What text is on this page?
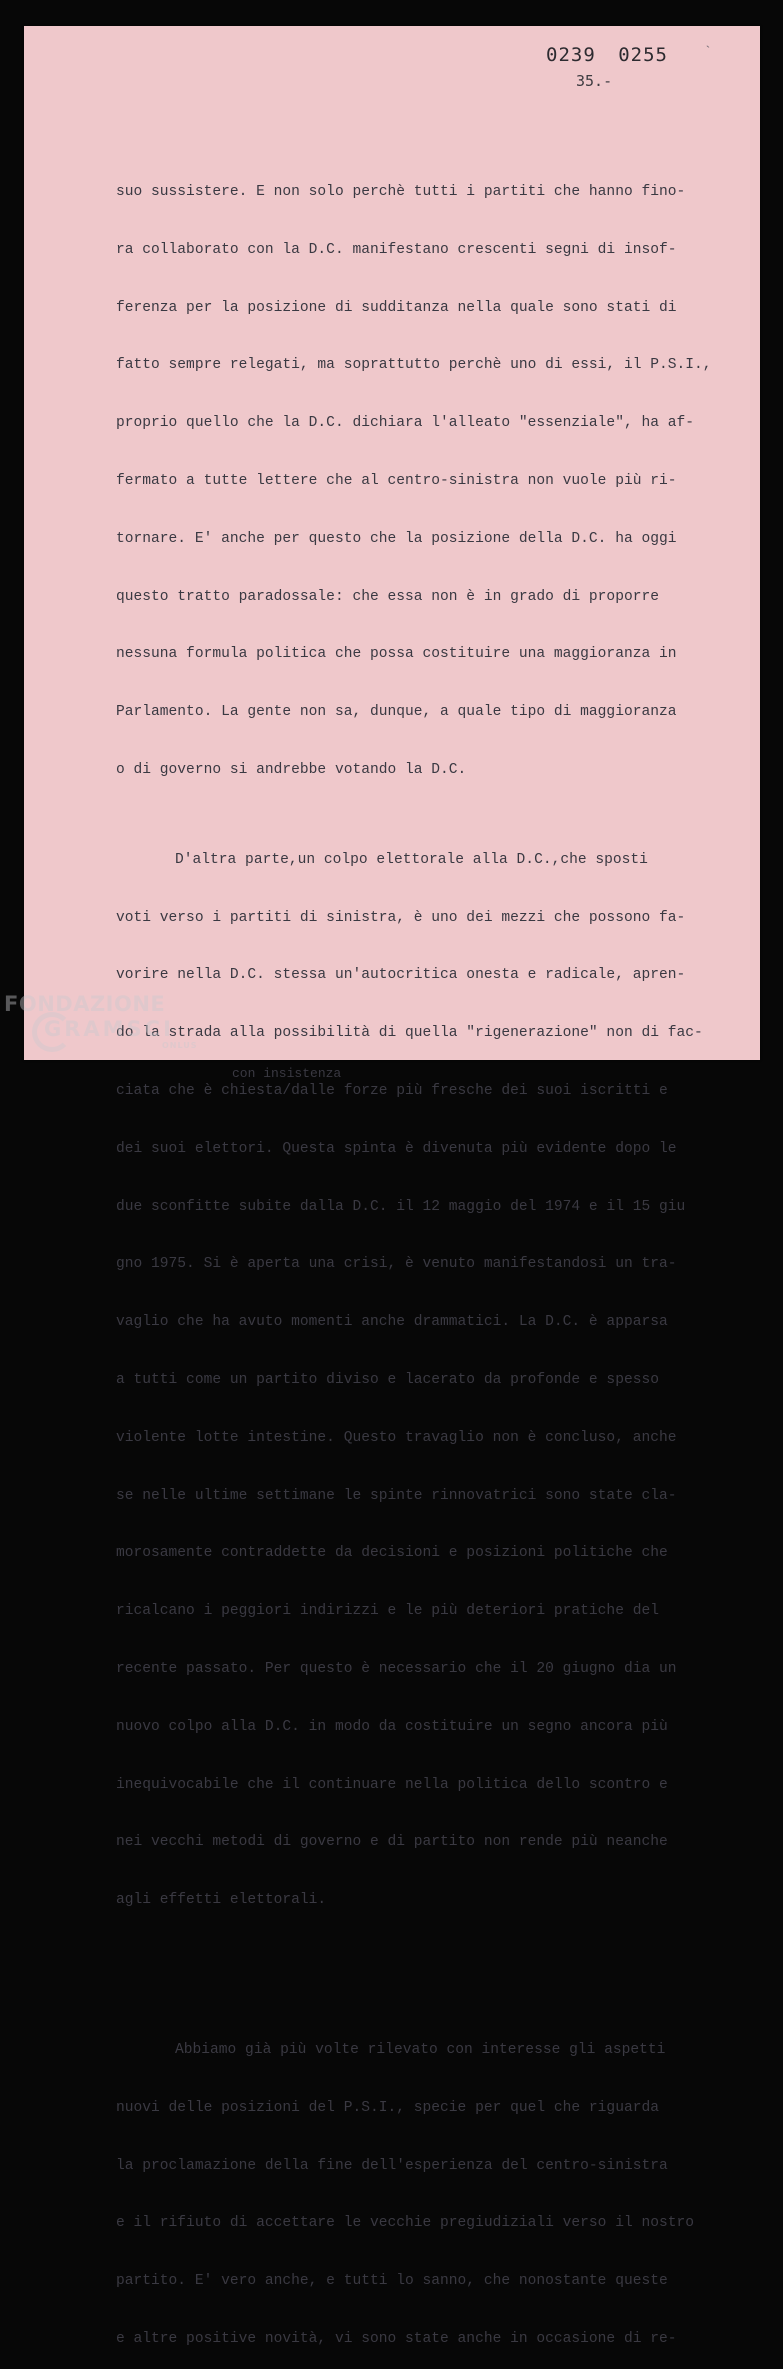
0239 0255	`
35.-

suo sussistere. E non solo perchè tutti i partiti che hanno fino-

ra collaborato con la D.C. manifestano crescenti segni di insof-

ferenza per la posizione di sudditanza nella quale sono stati di

fatto sempre relegati, ma soprattutto perchè uno di essi, il P.S.I.,

proprio quello che la D.C. dichiara l'alleato "essenziale", ha af-

fermato a tutte lettere che al centro-sinistra non vuole più ri-

tornare. E' anche per questo che la posizione della D.C. ha oggi

questo tratto paradossale: che essa non è in grado di proporre

nessuna formula politica che possa costituire una maggioranza in

Parlamento. La gente non sa, dunque, a quale tipo di maggioranza

o di governo si andrebbe votando la D.C.

D'altra parte,un colpo elettorale alla D.C.,che sposti

voti verso i partiti di sinistra, è uno dei mezzi che possono fa-

vorire nella D.C. stessa un'autocritica onesta e radicale, apren-

do la strada alla possibilità di quella "rigenerazione" non di fac-

con insistenza
ciata che è chiesta/dalle forze più fresche dei suoi iscritti e

dei suoi elettori. Questa spinta è divenuta più evidente dopo le

due sconfitte subite dalla D.C. il 12 maggio del 1974 e il 15 giu

gno 1975. Si è aperta una crisi, è venuto manifestandosi un tra-

vaglio che ha avuto momenti anche drammatici. La D.C. è apparsa

a tutti come un partito diviso e lacerato da profonde e spesso

violente lotte intestine. Questo travaglio non è concluso, anche

se nelle ultime settimane le spinte rinnovatrici sono state cla-

morosamente contraddette da decisioni e posizioni politiche che

ricalcano i peggiori indirizzi e le più deteriori pratiche del

recente passato. Per questo è necessario che il 20 giugno dia un

nuovo colpo alla D.C. in modo da costituire un segno ancora più

inequivocabile che il continuare nella politica dello scontro e

nei vecchi metodi di governo e di partito non rende più neanche

agli effetti elettorali.

Abbiamo già più volte rilevato con interesse gli aspetti

nuovi delle posizioni del P.S.I., specie per quel che riguarda

la proclamazione della fine dell'esperienza del centro-sinistra

e il rifiuto di accettare le vecchie pregiudiziali verso il nostro

partito. E' vero anche, e tutti lo sanno, che nonostante queste

e altre positive novità, vi sono state anche in occasione di re-

FONDAZIONE
GRAMSCI
ONLUS
